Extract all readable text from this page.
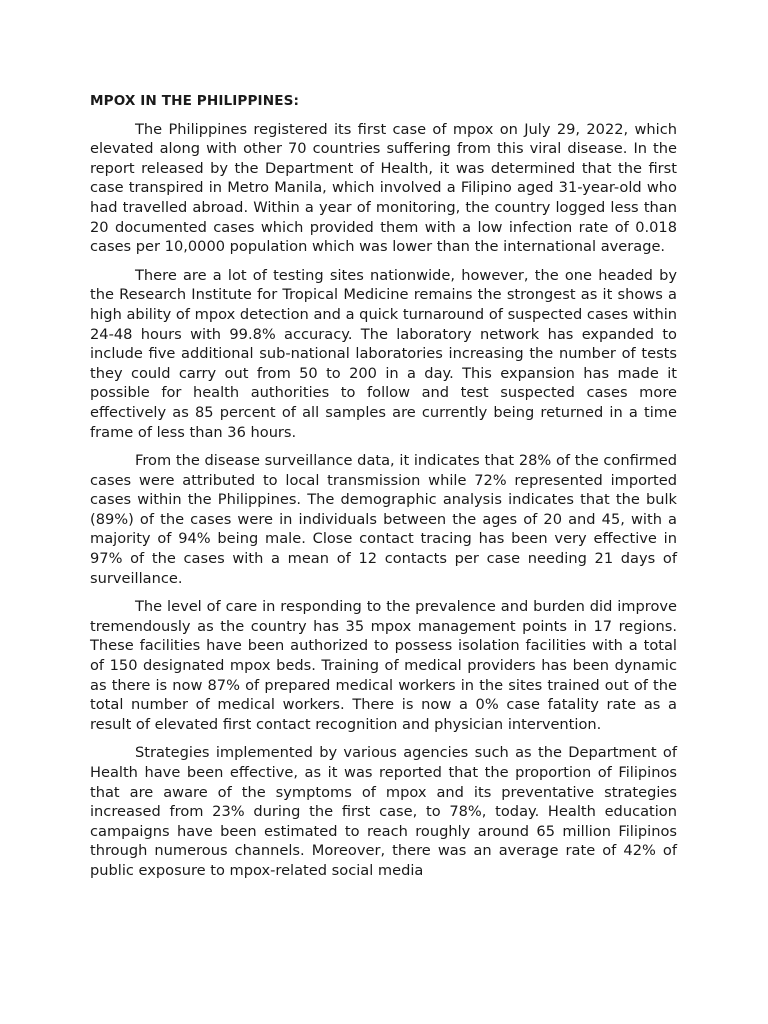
MPOX IN THE PHILIPPINES:

The Philippines registered its first case of mpox on July 29, 2022, which elevated along with other 70 countries suffering from this viral disease. In the report released by the Department of Health, it was determined that the first case transpired in Metro Manila, which involved a Filipino aged 31-year-old who had travelled abroad. Within a year of monitoring, the country logged less than 20 documented cases which provided them with a low infection rate of 0.018 cases per 10,0000 population which was lower than the international average.

There are a lot of testing sites nationwide, however, the one headed by the Research Institute for Tropical Medicine remains the strongest as it shows a high ability of mpox detection and a quick turnaround of suspected cases within 24-48 hours with 99.8% accuracy. The laboratory network has expanded to include five additional sub-national laboratories increasing the number of tests they could carry out from 50 to 200 in a day. This expansion has made it possible for health authorities to follow and test suspected cases more effectively as 85 percent of all samples are currently being returned in a time frame of less than 36 hours.

From the disease surveillance data, it indicates that 28% of the confirmed cases were attributed to local transmission while 72% represented imported cases within the Philippines. The demographic analysis indicates that the bulk (89%) of the cases were in individuals between the ages of 20 and 45, with a majority of 94% being male. Close contact tracing has been very effective in 97% of the cases with a mean of 12 contacts per case needing 21 days of surveillance.

The level of care in responding to the prevalence and burden did improve tremendously as the country has 35 mpox management points in 17 regions. These facilities have been authorized to possess isolation facilities with a total of 150 designated mpox beds. Training of medical providers has been dynamic as there is now 87% of prepared medical workers in the sites trained out of the total number of medical workers. There is now a 0% case fatality rate as a result of elevated first contact recognition and physician intervention.

Strategies implemented by various agencies such as the Department of Health have been effective, as it was reported that the proportion of Filipinos that are aware of the symptoms of mpox and its preventative strategies increased from 23% during the first case, to 78%, today. Health education campaigns have been estimated to reach roughly around 65 million Filipinos through numerous channels. Moreover, there was an average rate of 42% of public exposure to mpox-related social media
